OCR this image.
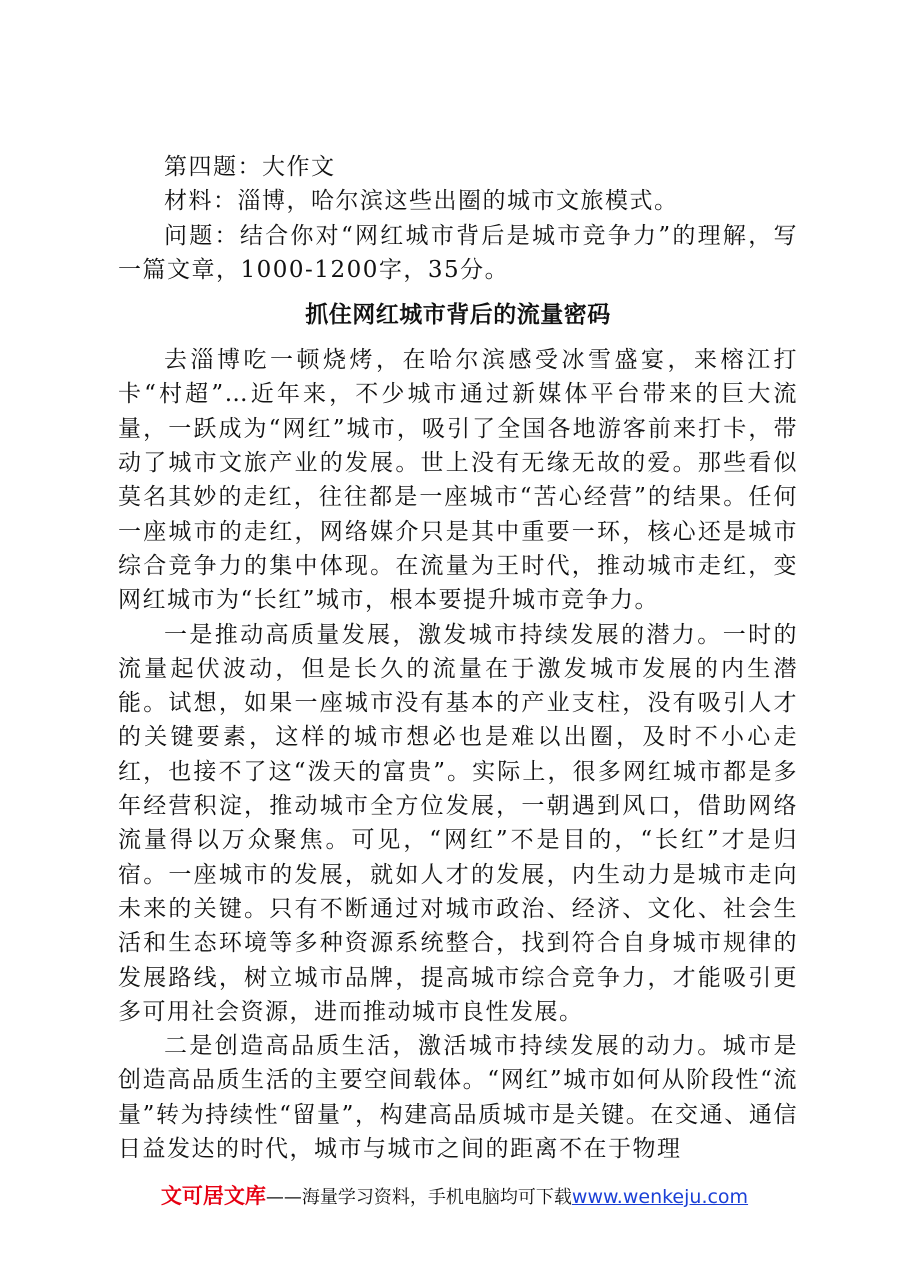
第四题：大作文

材料：淄博，哈尔滨这些出圈的城市文旅模式。

问题：结合你对“网红城市背后是城市竞争力”的理解，写一篇文章，1000-1200字，35分。

抓住网红城市背后的流量密码

去淄博吃一顿烧烤，在哈尔滨感受冰雪盛宴，来榕江打卡“村超”…近年来，不少城市通过新媒体平台带来的巨大流量，一跃成为“网红”城市，吸引了全国各地游客前来打卡，带动了城市文旅产业的发展。世上没有无缘无故的爱。那些看似莫名其妙的走红，往往都是一座城市“苦心经营”的结果。任何一座城市的走红，网络媒介只是其中重要一环，核心还是城市综合竞争力的集中体现。在流量为王时代，推动城市走红，变网红城市为“长红”城市，根本要提升城市竞争力。

一是推动高质量发展，激发城市持续发展的潜力。一时的流量起伏波动，但是长久的流量在于激发城市发展的内生潜能。试想，如果一座城市没有基本的产业支柱，没有吸引人才的关键要素，这样的城市想必也是难以出圈，及时不小心走红，也接不了这“泼天的富贵”。实际上，很多网红城市都是多年经营积淀，推动城市全方位发展，一朝遇到风口，借助网络流量得以万众聚焦。可见，“网红”不是目的，“长红”才是归宿。一座城市的发展，就如人才的发展，内生动力是城市走向未来的关键。只有不断通过对城市政治、经济、文化、社会生活和生态环境等多种资源系统整合，找到符合自身城市规律的发展路线，树立城市品牌，提高城市综合竞争力，才能吸引更多可用社会资源，进而推动城市良性发展。

二是创造高品质生活，激活城市持续发展的动力。城市是创造高品质生活的主要空间载体。“网红”城市如何从阶段性“流量”转为持续性“留量”，构建高品质城市是关键。在交通、通信日益发达的时代，城市与城市之间的距离不在于物理

文可居文库——海量学习资料，手机电脑均可下载www.wenkeju.com
